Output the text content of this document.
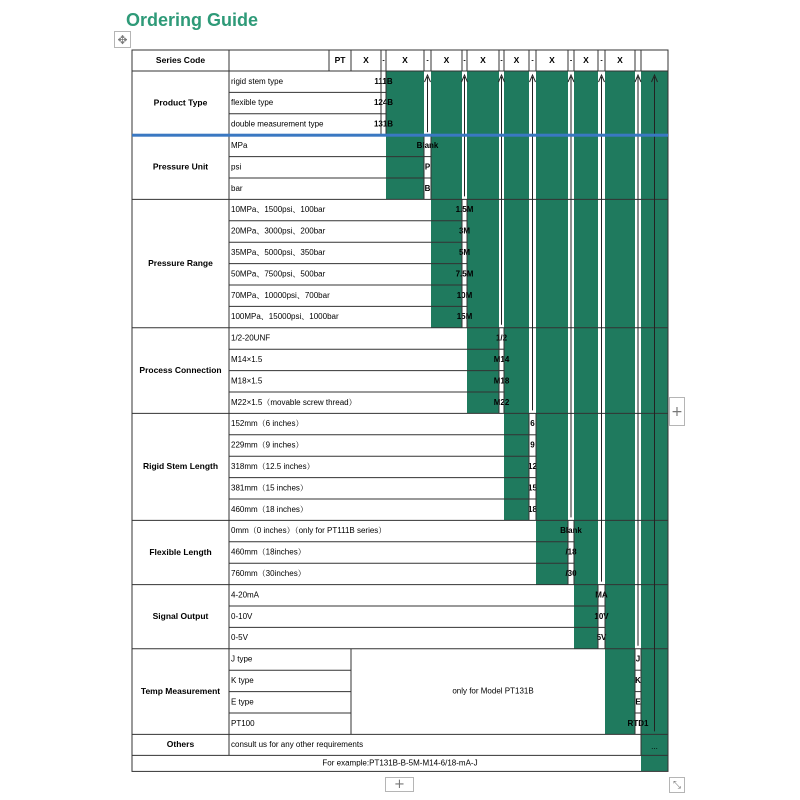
Ordering Guide
✥
+
+	⤡
Series Code	PT X - X	- X - X - X - X - X - X
Product Type
rigid stem type	111B
flexible type	124B
double measurement type	131B
Pressure Unit
MPa	Blank
psi	P
bar	B
Pressure Range
10MPa、1500psi、100bar	1.5M
20MPa、3000psi、200bar	3M
35MPa、5000psi、350bar	5M
50MPa、7500psi、500bar	7.5M
70MPa、10000psi、700bar	10M
100MPa、15000psi、1000bar	15M
Process Connection
1/2-20UNF	1/2
M14×1.5	M14
M18×1.5	M18
M22×1.5（movable screw thread）	M22
Rigid Stem Length
152mm（6 inches）	6
229mm（9 inches）	9
318mm（12.5 inches）	12
381mm（15 inches）	15
460mm（18 inches）	18
Flexible Length
0mm（0 inches）（only for PT111B series）	Blank
460mm（18inches）	/18
760mm（30inches）	/30
Signal Output
4-20mA	MA
0-10V	10V
0-5V	5V
Temp Measurement
J type	J
K type	K
E type	E
PT100	RTD1
only for Model PT131B
Others	consult us for any other requirements	...
For example:PT131B-B-5M-M14-6/18-mA-J
